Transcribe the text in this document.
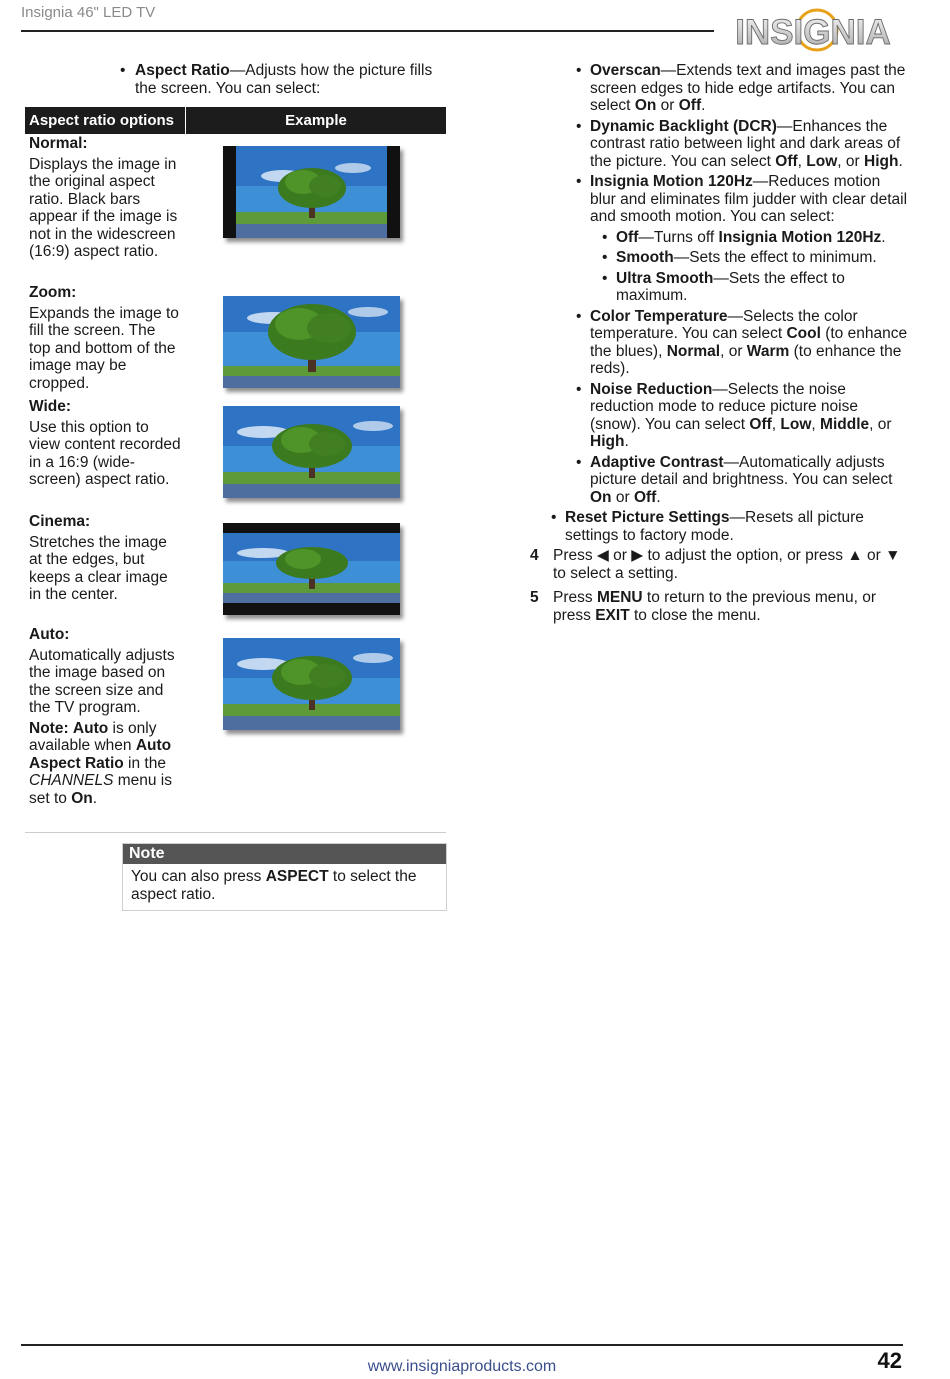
Insignia 46" LED TV
INSIGNIA
• Aspect Ratio—Adjusts how the picture fills the screen. You can select:
Aspect ratio options	Example
Normal:
Displays the image in the original aspect ratio. Black bars appear if the image is not in the widescreen (16:9) aspect ratio.
Zoom:
Expands the image to fill the screen. The top and bottom of the image may be cropped.
Wide:
Use this option to view content recorded in a 16:9 (wide-screen) aspect ratio.
Cinema:
Stretches the image at the edges, but keeps a clear image in the center.
Auto:
Automatically adjusts the image based on the screen size and the TV program.
Note: Auto is only available when Auto Aspect Ratio in the CHANNELS menu is set to On.
Note
You can also press ASPECT to select the aspect ratio.
• Overscan—Extends text and images past the screen edges to hide edge artifacts. You can select On or Off.
• Dynamic Backlight (DCR)—Enhances the contrast ratio between light and dark areas of the picture. You can select Off, Low, or High.
• Insignia Motion 120Hz—Reduces motion blur and eliminates film judder with clear detail and smooth motion. You can select:
• Off—Turns off Insignia Motion 120Hz.
• Smooth—Sets the effect to minimum.
• Ultra Smooth—Sets the effect to maximum.
• Color Temperature—Selects the color temperature. You can select Cool (to enhance the blues), Normal, or Warm (to enhance the reds).
• Noise Reduction—Selects the noise reduction mode to reduce picture noise (snow). You can select Off, Low, Middle, or High.
• Adaptive Contrast—Automatically adjusts picture detail and brightness. You can select On or Off.
• Reset Picture Settings—Resets all picture settings to factory mode.
4 Press ◀ or ▶ to adjust the option, or press ▲ or ▼ to select a setting.
5 Press MENU to return to the previous menu, or press EXIT to close the menu.
www.insigniaproducts.com	42
